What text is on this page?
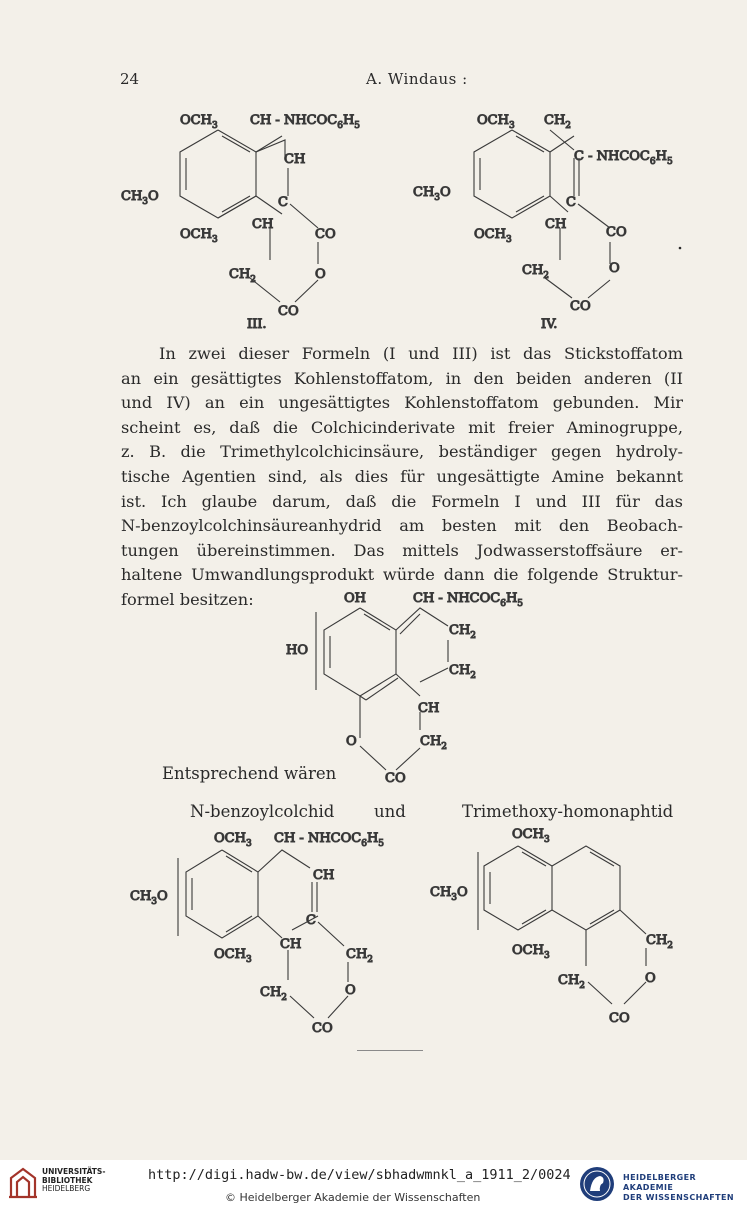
24	A. Windaus :
$OCH_3$ CH - $NHCOC_6H_5$
CH
$CH_3O$	C
$OCH_3$
CH
CO
$CH_2$	O
CO
III.
$OCH_3$ $CH_2$
C - $NHCOC_6H_5$
$CH_3O$
C
$OCH_3$
CH
CO
$CH_2$	O
CO
IV.
OH	CH - $NHCOC_6H_5$
HO
$CH_2$
$CH_2$
CH
O	$CH_2$
CO
$OCH_3$ CH - $NHCOC_6H_5$
CH
$CH_3O$
C
$OCH_3$
CH
$CH_2$
$CH_2$	O
CO
$OCH_3$
$CH_3O$
$OCH_3$
$CH_2$
$CH_2$	O
CO
In zwei dieser Formeln (I und III) ist das Stickstoffatom
an ein gesättigtes Kohlenstoffatom, in den beiden anderen (II
und IV) an ein ungesättigtes Kohlenstoffatom gebunden. Mir
scheint es, daß die Colchicinderivate mit freier Aminogruppe,
z. B. die Trimethylcolchicinsäure, beständiger gegen hydroly-
tische Agentien sind, als dies für ungesättigte Amine bekannt
ist. Ich glaube darum, daß die Formeln I und III für das
N-benzoylcolchinsäureanhydrid am besten mit den Beobach-
tungen übereinstimmen. Das mittels Jodwasserstoffsäure er-
haltene Umwandlungsprodukt würde dann die folgende Struktur-
formel besitzen:
Entsprechend wären
N-benzoylcolchid und	Trimethoxy-homonaphtid
UNIVERSITÄTS-
BIBLIOTHEK
HEIDELBERG
http://digi.hadw-bw.de/view/sbhadwmnkl_a_1911_2/0024
© Heidelberger Akademie der Wissenschaften
HEIDELBERGER AKADEMIE
DER WISSENSCHAFTEN
